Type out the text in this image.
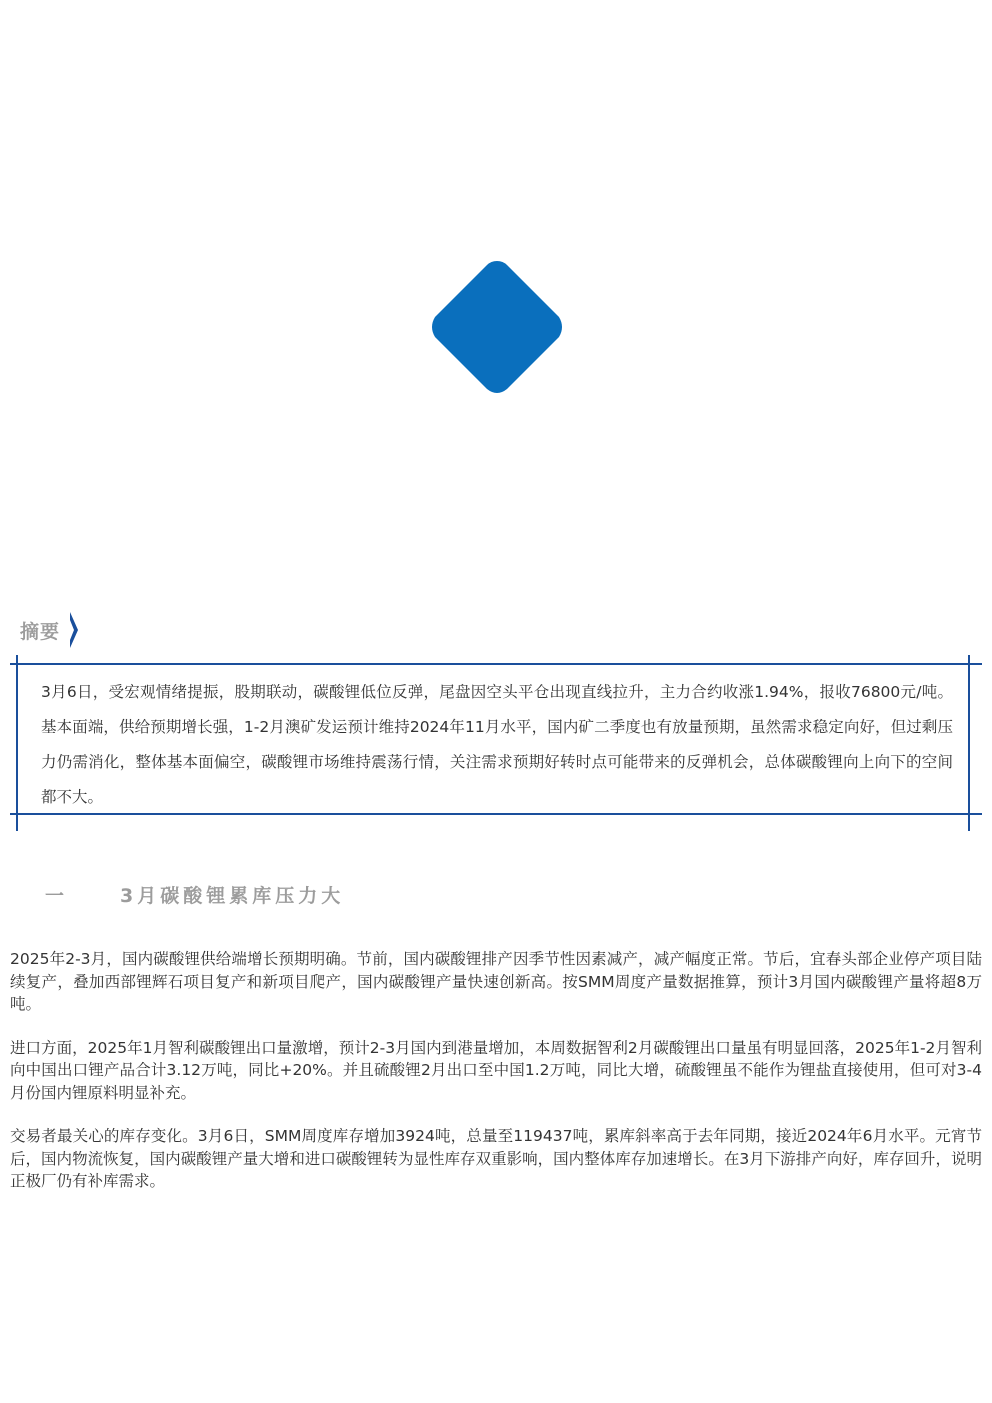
摘要

3月6日，受宏观情绪提振，股期联动，碳酸锂低位反弹，尾盘因空头平仓出现直线拉升，主力合约收涨1.94%，报收76800元/吨。基本面端，供给预期增长强，1-2月澳矿发运预计维持2024年11月水平，国内矿二季度也有放量预期，虽然需求稳定向好，但过剩压力仍需消化，整体基本面偏空，碳酸锂市场维持震荡行情，关注需求预期好转时点可能带来的反弹机会，总体碳酸锂向上向下的空间都不大。

一	3月碳酸锂累库压力大

2025年2-3月，国内碳酸锂供给端增长预期明确。节前，国内碳酸锂排产因季节性因素减产，减产幅度正常。节后，宜春头部企业停产项目陆续复产，叠加西部锂辉石项目复产和新项目爬产，国内碳酸锂产量快速创新高。按SMM周度产量数据推算，预计3月国内碳酸锂产量将超8万吨。

进口方面，2025年1月智利碳酸锂出口量激增，预计2-3月国内到港量增加，本周数据智利2月碳酸锂出口量虽有明显回落，2025年1-2月智利向中国出口锂产品合计3.12万吨，同比+20%。并且硫酸锂2月出口至中国1.2万吨，同比大增，硫酸锂虽不能作为锂盐直接使用，但可对3-4月份国内锂原料明显补充。

交易者最关心的库存变化。3月6日，SMM周度库存增加3924吨，总量至119437吨，累库斜率高于去年同期，接近2024年6月水平。元宵节后，国内物流恢复，国内碳酸锂产量大增和进口碳酸锂转为显性库存双重影响，国内整体库存加速增长。在3月下游排产向好，库存回升，说明正极厂仍有补库需求。
